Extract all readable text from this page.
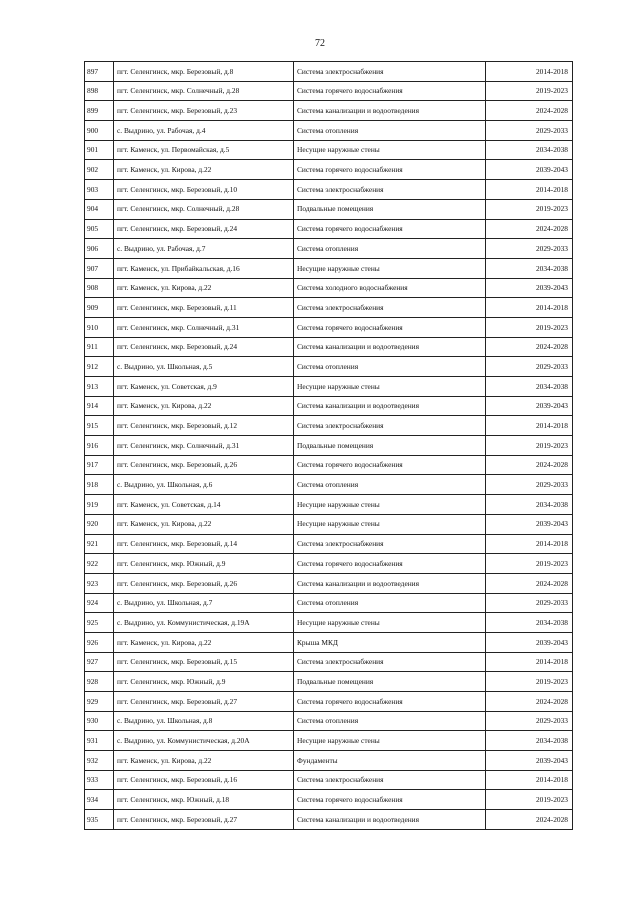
72
897	пгт. Селенгинск, мкр. Березовый, д.8	Система электроснабжения	2014-2018
898	пгт. Селенгинск, мкр. Солнечный, д.28	Система горячего водоснабжения	2019-2023
899	пгт. Селенгинск, мкр. Березовый, д.23	Система канализации и водоотведения	2024-2028
900	с. Выдрино, ул. Рабочая, д.4	Система отопления	2029-2033
901	пгт. Каменск, ул. Первомайская, д.5	Несущие наружные стены	2034-2038
902	пгт. Каменск, ул. Кирова, д.22	Система горячего водоснабжения	2039-2043
903	пгт. Селенгинск, мкр. Березовый, д.10	Система электроснабжения	2014-2018
904	пгт. Селенгинск, мкр. Солнечный, д.28	Подвальные помещения	2019-2023
905	пгт. Селенгинск, мкр. Березовый, д.24	Система горячего водоснабжения	2024-2028
906	с. Выдрино, ул. Рабочая, д.7	Система отопления	2029-2033
907	пгт. Каменск, ул. Прибайкальская, д.16	Несущие наружные стены	2034-2038
908	пгт. Каменск, ул. Кирова, д.22	Система холодного водоснабжения	2039-2043
909	пгт. Селенгинск, мкр. Березовый, д.11	Система электроснабжения	2014-2018
910	пгт. Селенгинск, мкр. Солнечный, д.31	Система горячего водоснабжения	2019-2023
911	пгт. Селенгинск, мкр. Березовый, д.24	Система канализации и водоотведения	2024-2028
912	с. Выдрино, ул. Школьная, д.5	Система отопления	2029-2033
913	пгт. Каменск, ул. Советская, д.9	Несущие наружные стены	2034-2038
914	пгт. Каменск, ул. Кирова, д.22	Система канализации и водоотведения	2039-2043
915	пгт. Селенгинск, мкр. Березовый, д.12	Система электроснабжения	2014-2018
916	пгт. Селенгинск, мкр. Солнечный, д.31	Подвальные помещения	2019-2023
917	пгт. Селенгинск, мкр. Березовый, д.26	Система горячего водоснабжения	2024-2028
918	с. Выдрино, ул. Школьная, д.6	Система отопления	2029-2033
919	пгт. Каменск, ул. Советская, д.14	Несущие наружные стены	2034-2038
920	пгт. Каменск, ул. Кирова, д.22	Несущие наружные стены	2039-2043
921	пгт. Селенгинск, мкр. Березовый, д.14	Система электроснабжения	2014-2018
922	пгт. Селенгинск, мкр. Южный, д.9	Система горячего водоснабжения	2019-2023
923	пгт. Селенгинск, мкр. Березовый, д.26	Система канализации и водоотведения	2024-2028
924	с. Выдрино, ул. Школьная, д.7	Система отопления	2029-2033
925	с. Выдрино, ул. Коммунистическая, д.19А	Несущие наружные стены	2034-2038
926	пгт. Каменск, ул. Кирова, д.22	Крыша МКД	2039-2043
927	пгт. Селенгинск, мкр. Березовый, д.15	Система электроснабжения	2014-2018
928	пгт. Селенгинск, мкр. Южный, д.9	Подвальные помещения	2019-2023
929	пгт. Селенгинск, мкр. Березовый, д.27	Система горячего водоснабжения	2024-2028
930	с. Выдрино, ул. Школьная, д.8	Система отопления	2029-2033
931	с. Выдрино, ул. Коммунистическая, д.20А	Несущие наружные стены	2034-2038
932	пгт. Каменск, ул. Кирова, д.22	Фундаменты	2039-2043
933	пгт. Селенгинск, мкр. Березовый, д.16	Система электроснабжения	2014-2018
934	пгт. Селенгинск, мкр. Южный, д.18	Система горячего водоснабжения	2019-2023
935	пгт. Селенгинск, мкр. Березовый, д.27	Система канализации и водоотведения	2024-2028
